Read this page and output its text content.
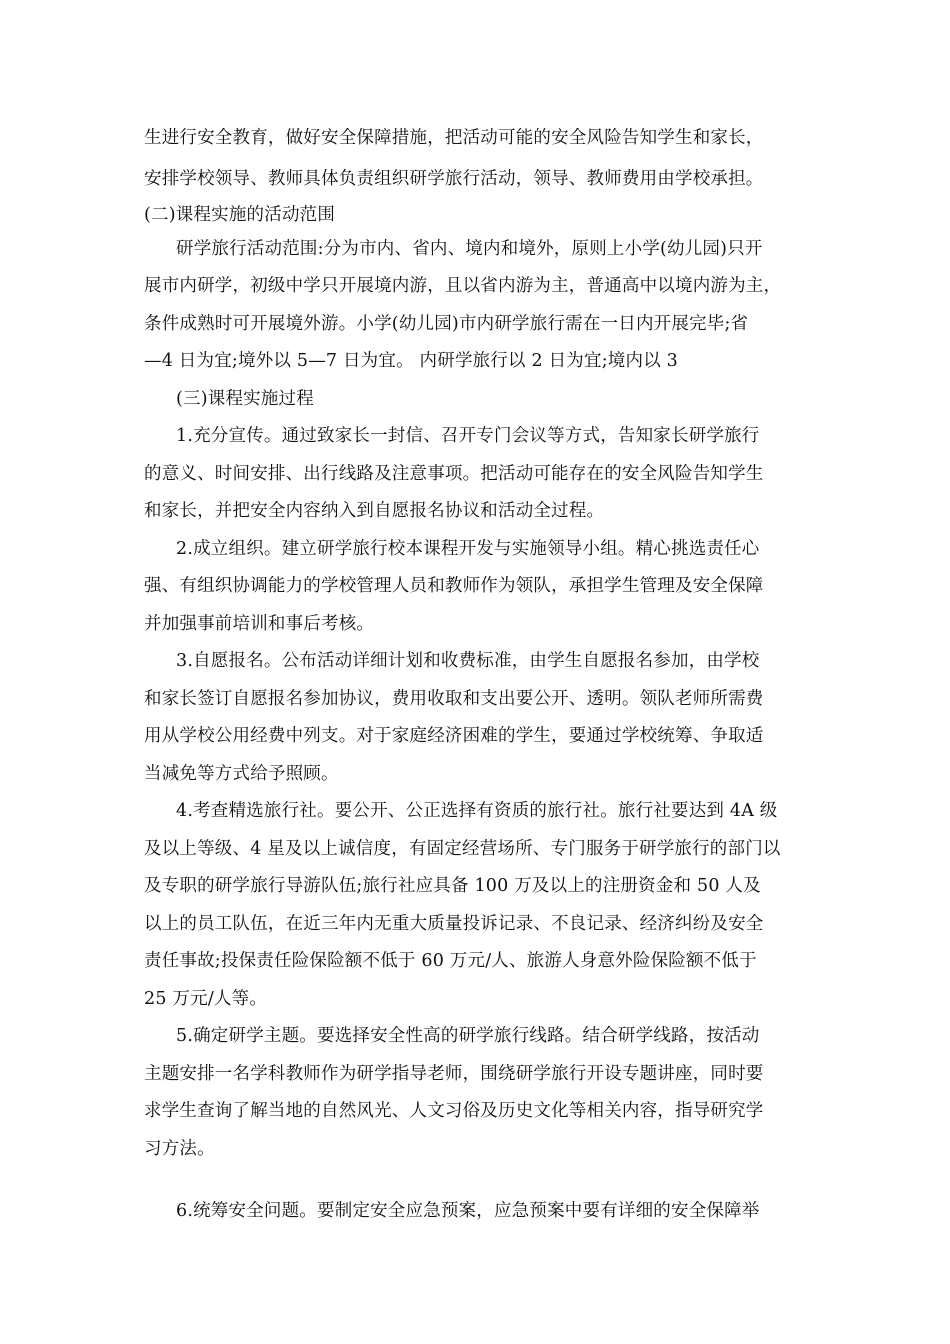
生进行安全教育，做好安全保障措施，把活动可能的安全风险告知学生和家长，
安排学校领导、教师具体负责组织研学旅行活动，领导、教师费用由学校承担。
(二)课程实施的活动范围
研学旅行活动范围:分为市内、省内、境内和境外，原则上小学(幼儿园)只开
展市内研学，初级中学只开展境内游，且以省内游为主，普通高中以境内游为主，
条件成熟时可开展境外游。小学(幼儿园)市内研学旅行需在一日内开展完毕;省
—4 日为宜;境外以 5—7 日为宜。 内研学旅行以 2 日为宜;境内以 3
(三)课程实施过程
1.充分宣传。通过致家长一封信、召开专门会议等方式，告知家长研学旅行
的意义、时间安排、出行线路及注意事项。把活动可能存在的安全风险告知学生
和家长，并把安全内容纳入到自愿报名协议和活动全过程。
2.成立组织。建立研学旅行校本课程开发与实施领导小组。精心挑选责任心
强、有组织协调能力的学校管理人员和教师作为领队，承担学生管理及安全保障
并加强事前培训和事后考核。
3.自愿报名。公布活动详细计划和收费标准，由学生自愿报名参加，由学校
和家长签订自愿报名参加协议，费用收取和支出要公开、透明。领队老师所需费
用从学校公用经费中列支。对于家庭经济困难的学生，要通过学校统筹、争取适
当减免等方式给予照顾。
4.考查精选旅行社。要公开、公正选择有资质的旅行社。旅行社要达到 4A 级
及以上等级、4 星及以上诚信度，有固定经营场所、专门服务于研学旅行的部门以
及专职的研学旅行导游队伍;旅行社应具备 100 万及以上的注册资金和 50 人及
以上的员工队伍，在近三年内无重大质量投诉记录、不良记录、经济纠纷及安全
责任事故;投保责任险保险额不低于 60 万元/人、旅游人身意外险保险额不低于
25 万元/人等。
5.确定研学主题。要选择安全性高的研学旅行线路。结合研学线路，按活动
主题安排一名学科教师作为研学指导老师，围绕研学旅行开设专题讲座，同时要
求学生查询了解当地的自然风光、人文习俗及历史文化等相关内容，指导研究学
习方法。
6.统筹安全问题。要制定安全应急预案，应急预案中要有详细的安全保障举
